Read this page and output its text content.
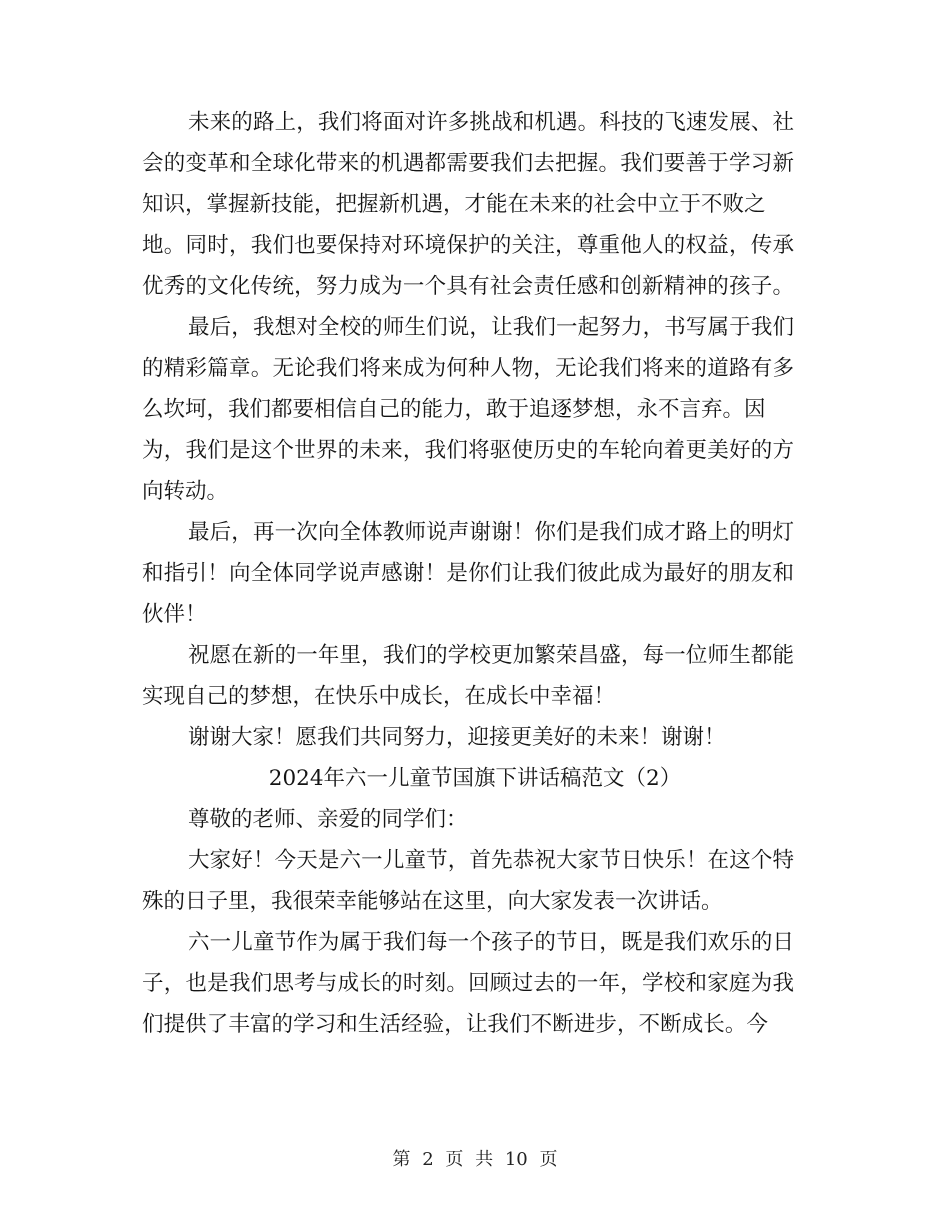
未来的路上，我们将面对许多挑战和机遇。科技的飞速发展、社
会的变革和全球化带来的机遇都需要我们去把握。我们要善于学习新
知识，掌握新技能，把握新机遇，才能在未来的社会中立于不败之
地。同时，我们也要保持对环境保护的关注，尊重他人的权益，传承
优秀的文化传统，努力成为一个具有社会责任感和创新精神的孩子。
最后，我想对全校的师生们说，让我们一起努力，书写属于我们
的精彩篇章。无论我们将来成为何种人物，无论我们将来的道路有多
么坎坷，我们都要相信自己的能力，敢于追逐梦想，永不言弃。因
为，我们是这个世界的未来，我们将驱使历史的车轮向着更美好的方
向转动。
最后，再一次向全体教师说声谢谢！你们是我们成才路上的明灯
和指引！向全体同学说声感谢！是你们让我们彼此成为最好的朋友和
伙伴！
祝愿在新的一年里，我们的学校更加繁荣昌盛，每一位师生都能
实现自己的梦想，在快乐中成长，在成长中幸福！
谢谢大家！愿我们共同努力，迎接更美好的未来！谢谢！
2024年六一儿童节国旗下讲话稿范文（2）
尊敬的老师、亲爱的同学们：
大家好！今天是六一儿童节，首先恭祝大家节日快乐！在这个特
殊的日子里，我很荣幸能够站在这里，向大家发表一次讲话。
六一儿童节作为属于我们每一个孩子的节日，既是我们欢乐的日
子，也是我们思考与成长的时刻。回顾过去的一年，学校和家庭为我
们提供了丰富的学习和生活经验，让我们不断进步，不断成长。今
第 2 页 共 10 页
